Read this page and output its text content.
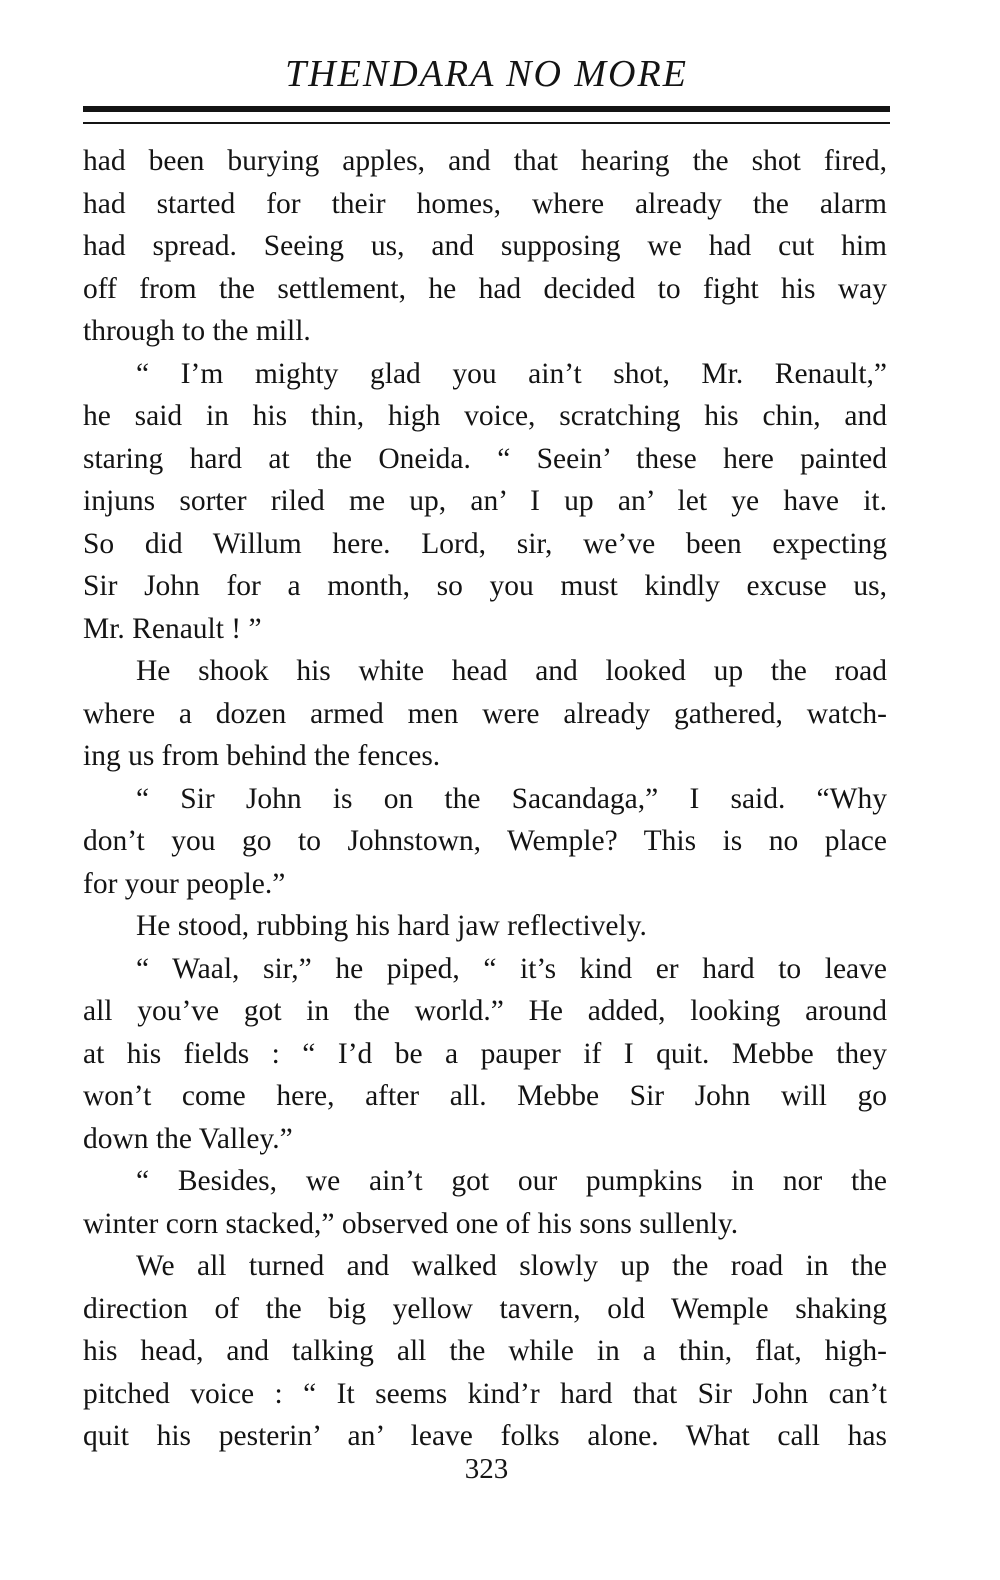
THENDARA NO MORE
had been burying apples, and that hearing the shot fired,
had started for their homes, where already the alarm
had spread. Seeing us, and supposing we had cut him
off from the settlement, he had decided to fight his way
through to the mill.
“ I’m mighty glad you ain’t shot, Mr. Renault,”
he said in his thin, high voice, scratching his chin, and
staring hard at the Oneida. “ Seein’ these here painted
injuns sorter riled me up, an’ I up an’ let ye have it.
So did Willum here. Lord, sir, we’ve been expecting
Sir John for a month, so you must kindly excuse us,
Mr. Renault ! ”
He shook his white head and looked up the road
where a dozen armed men were already gathered, watch-
ing us from behind the fences.
“ Sir John is on the Sacandaga,” I said. “Why
don’t you go to Johnstown, Wemple? This is no place
for your people.”
He stood, rubbing his hard jaw reflectively.
“ Waal, sir,” he piped, “ it’s kind er hard to leave
all you’ve got in the world.” He added, looking around
at his fields : “ I’d be a pauper if I quit. Mebbe they
won’t come here, after all. Mebbe Sir John will go
down the Valley.”
“ Besides, we ain’t got our pumpkins in nor the
winter corn stacked,” observed one of his sons sullenly.
We all turned and walked slowly up the road in the
direction of the big yellow tavern, old Wemple shaking
his head, and talking all the while in a thin, flat, high-
pitched voice : “ It seems kind’r hard that Sir John can’t
quit his pesterin’ an’ leave folks alone. What call has
323
